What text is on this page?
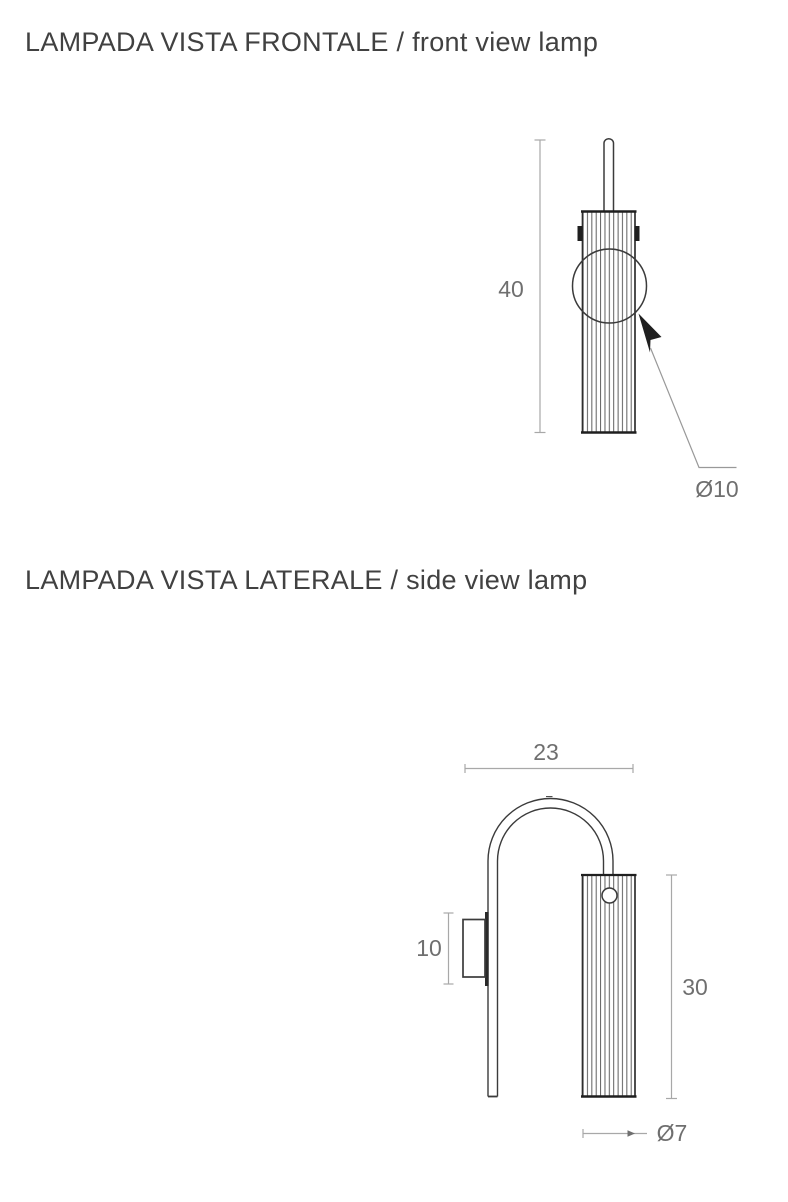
LAMPADA VISTA FRONTALE / front view lamp
LAMPADA VISTA LATERALE / side view lamp
40
Ø10
23
10
30
Ø7
